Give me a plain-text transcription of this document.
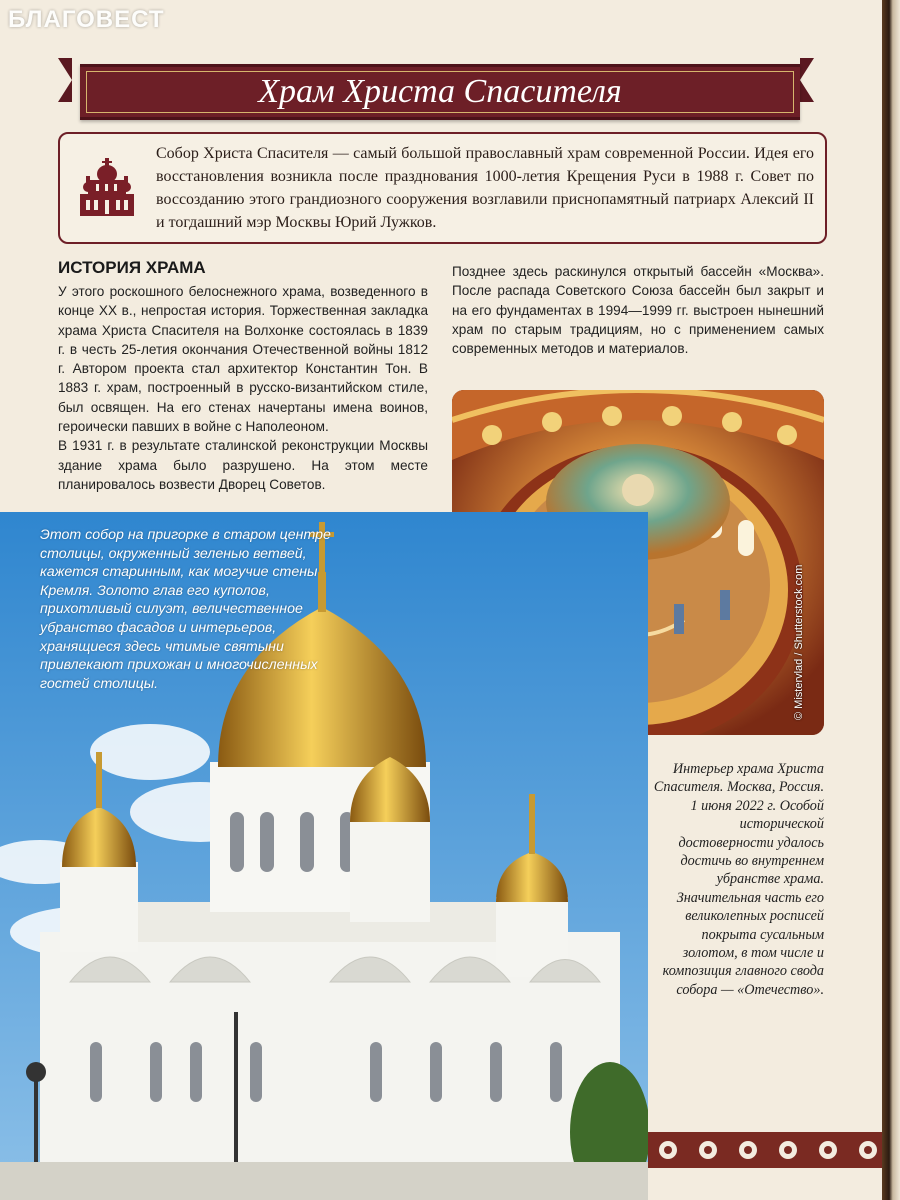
БЛАГОВЕСТ
Храм Христа Спасителя
Собор Христа Спасителя — самый большой православный храм современной России. Идея его восстановления возникла после празднования 1000-летия Крещения Руси в 1988 г. Совет по воссозданию этого грандиозного сооружения возглавили приснопамятный патриарх Алексий II и тогдашний мэр Москвы Юрий Лужков.
ИСТОРИЯ ХРАМА

У этого роскошного белоснежного храма, возведенного в конце XX в., непростая история. Торжественная закладка храма Христа Спасителя на Волхонке состоялась в 1839 г. в честь 25-летия окончания Отечественной войны 1812 г. Автором проекта стал архитектор Константин Тон. В 1883 г. храм, построенный в русско-византийском стиле, был освящен. На его стенах начертаны имена воинов, героически павших в войне с Наполеоном.

В 1931 г. в результате сталинской реконструкции Москвы здание храма было разрушено. На этом месте планировалось возвести Дворец Советов.

Позднее здесь раскинулся открытый бассейн «Москва». После распада Советского Союза бассейн был закрыт и на его фундаментах в 1994—1999 гг. выстроен нынешний храм по старым традициям, но с применением самых современных методов и материалов.

© Mistervlad / Shutterstock.com
Этот собор на пригорке в старом центре столицы, окруженный зеленью ветвей, кажется старинным, как могучие стены Кремля. Золото глав его куполов, прихотливый силуэт, величественное убранство фасадов и интерьеров, хранящиеся здесь чтимые святыни привлекают прихожан и многочисленных гостей столицы.
Интерьер храма Христа Спасителя. Москва, Россия. 1 июня 2022 г. Особой исторической достоверности удалось достичь во внутреннем убранстве храма. Значительная часть его великолепных росписей покрыта сусальным золотом, в том числе и композиция главного свода собора — «Отечество».
